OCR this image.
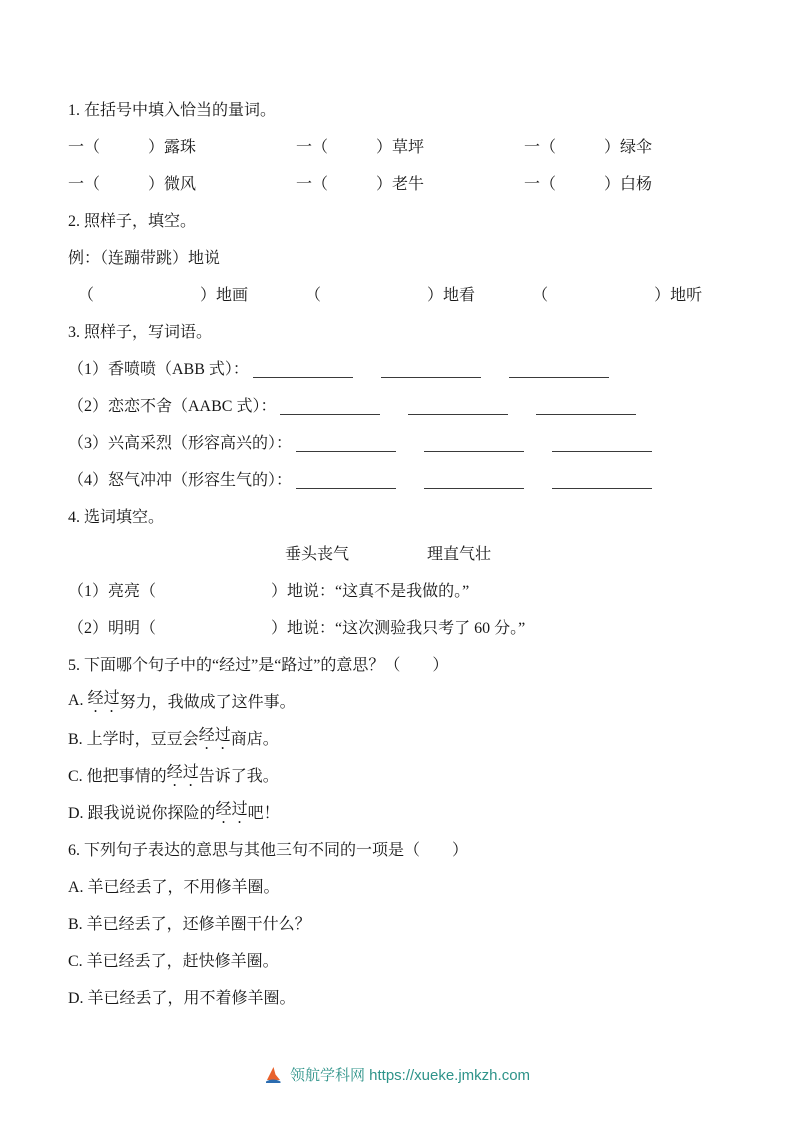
1. 在括号中填入恰当的量词。
一（	）露珠	一（	）草坪	一（	）绿伞
一（	）微风	一（	）老牛	一（	）白杨
2. 照样子，填空。
例：（连蹦带跳）地说
（	）地画	（	）地看	（	）地听
3. 照样子，写词语。
（1）香喷喷（ABB 式）：
（2）恋恋不舍（AABC 式）：
（3）兴高采烈（形容高兴的）：
（4）怒气冲冲（形容生气的）：
4. 选词填空。
垂头丧气	理直气壮
（1）亮亮（	）地说：“这真不是我做的。”
（2）明明（	）地说：“这次测验我只考了 60 分。”
5. 下面哪个句子中的“经过”是“路过”的意思？（　　）
A. 经过 努力，我做成了这件事。
B. 上学时，豆豆会 经过 商店。
C. 他把事情的 经过 告诉了我。
D. 跟我说说你探险的 经过 吧！
6. 下列句子表达的意思与其他三句不同的一项是（　　）
A. 羊已经丢了，不用修羊圈。
B. 羊已经丢了，还修羊圈干什么？
C. 羊已经丢了，赶快修羊圈。
D. 羊已经丢了，用不着修羊圈。
领航学科网 https://xueke.jmkzh.com
